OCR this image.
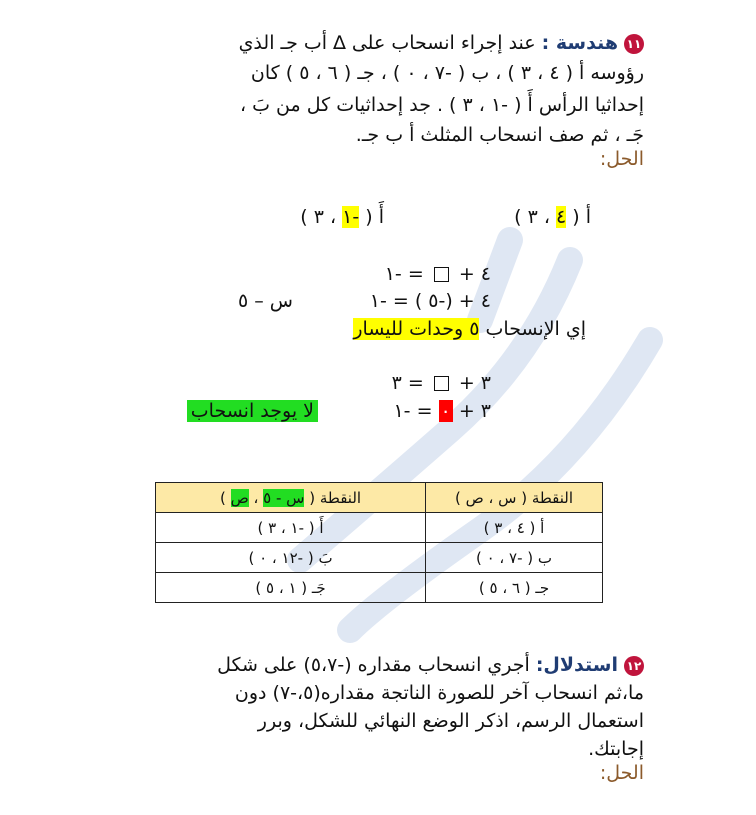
١١هندسة : عند إجراء انسحاب على ∆ أب جـ الذي
رؤوسه أ ( ٤ ، ٣ ) ، ب ( -٧ ، ٠ ) ، جـ ( ٦ ، ٥ ) كان
إحداثيا الرأس أَ ( -١ ، ٣ ) . جد إحداثيات كل من بَ ،
جَـ ، ثم صف انسحاب المثلث أ ب جـ.
الحل:
أ ( ٤ ، ٣ )
أَ ( -١ ، ٣ )
٤ +  = -١
٤ + (-٥ ) = -١
س – ٥
إي الإنسحاب ٥ وحدات لليسار
٣ +  = ٣
٣ + ٠ = -١
لا يوجد انسحاب
النقطة ( س ، ص )	النقطة ( س - ٥ ، ص )
أ ( ٤ ، ٣ )	أَ ( -١ ، ٣ )
ب ( -٧ ، ٠ )	بَ ( -١٢ ، ٠ )
جـ ( ٦ ، ٥ )	جَـ ( ١ ، ٥ )
١٢استدلال: أجري انسحاب مقداره (-٥،٧) على شكل
ما،ثم انسحاب آخر للصورة الناتجة مقداره(٥،-٧) دون
استعمال الرسم، اذكر الوضع النهائي للشكل، وبرر
إجابتك.
الحل:
